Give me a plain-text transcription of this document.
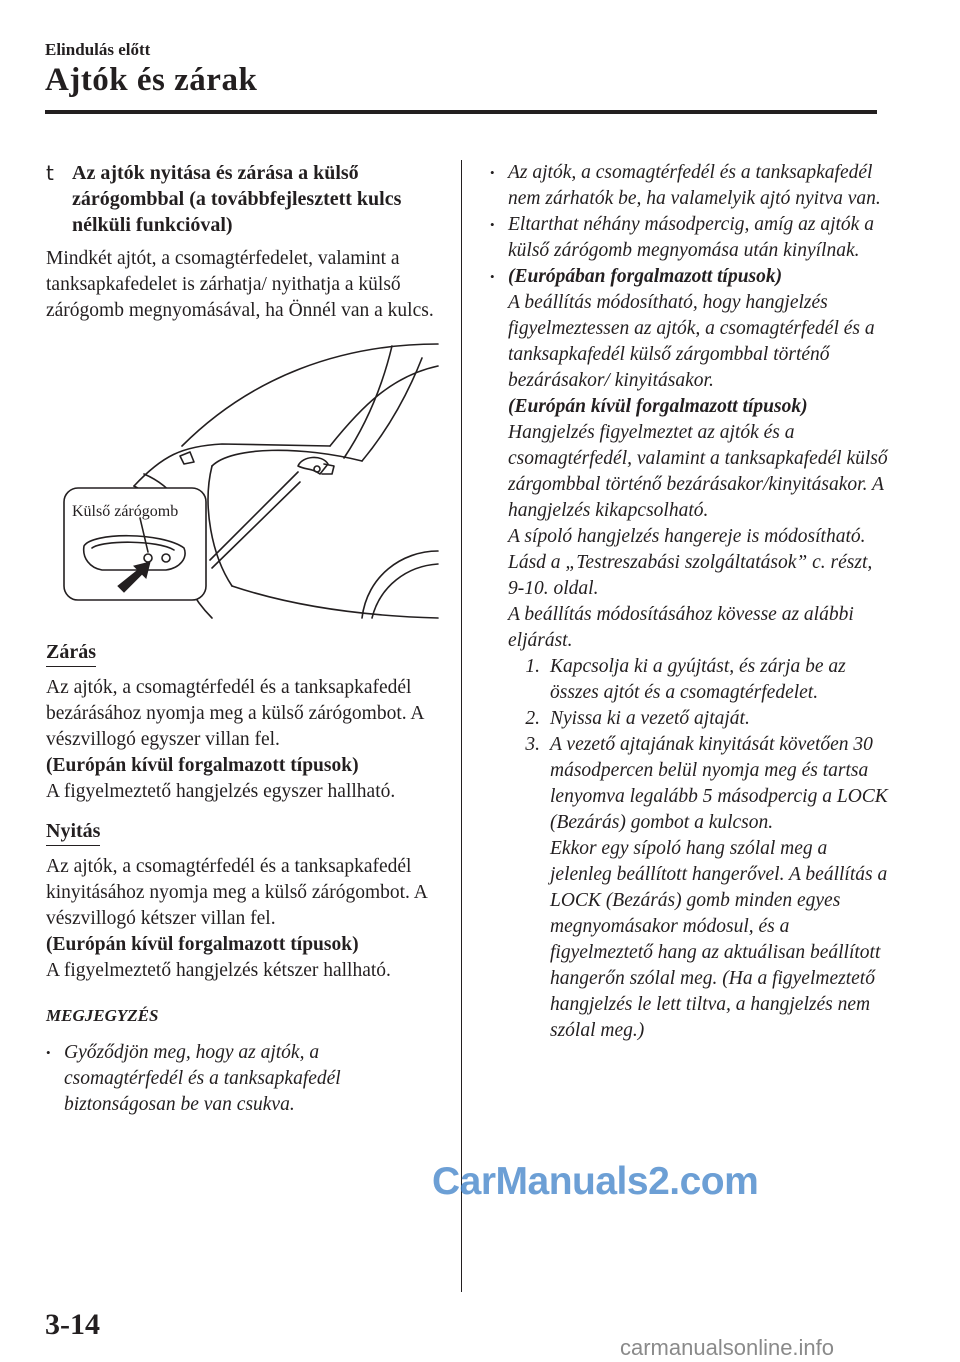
Elindulás előtt
Ajtók és zárak
t Az ajtók nyitása és zárása a külső zárógombbal (a továbbfejlesztett kulcs nélküli funkcióval)

Mindkét ajtót, a csomagtérfedelet, valamint a tanksapkafedelet is zárhatja/ nyithatja a külső zárógomb megnyomásával, ha Önnél van a kulcs.

Külső zárógomb

Zárás

Az ajtók, a csomagtérfedél és a tanksapkafedél bezárásához nyomja meg a külső zárógombot. A vészvillogó egyszer villan fel.

(Európán kívül forgalmazott típusok)

A figyelmeztető hangjelzés egyszer hallható.

Nyitás

Az ajtók, a csomagtérfedél és a tanksapkafedél kinyitásához nyomja meg a külső zárógombot. A vészvillogó kétszer villan fel.

(Európán kívül forgalmazott típusok)

A figyelmeztető hangjelzés kétszer hallható.

MEGJEGYZÉS
• Győződjön meg, hogy az ajtók, a csomagtérfedél és a tanksapkafedél biztonságosan be van csukva.
• Az ajtók, a csomagtérfedél és a tanksapkafedél nem zárhatók be, ha valamelyik ajtó nyitva van.
• Eltarthat néhány másodpercig, amíg az ajtók a külső zárógomb megnyomása után kinyílnak.
• (Európában forgalmazott típusok)
A beállítás módosítható, hogy hangjelzés figyelmeztessen az ajtók, a csomagtérfedél és a tanksapkafedél külső zárgombbal történő bezárásakor/ kinyitásakor.
(Európán kívül forgalmazott típusok)
Hangjelzés figyelmeztet az ajtók és a csomagtérfedél, valamint a tanksapkafedél külső zárgombbal történő bezárásakor/kinyitásakor. A hangjelzés kikapcsolható.
A sípoló hangjelzés hangereje is módosítható. Lásd a „Testreszabási szolgáltatások” c. részt, 9-10. oldal.
A beállítás módosításához kövesse az alábbi eljárást.
1. Kapcsolja ki a gyújtást, és zárja be az összes ajtót és a csomagtérfedelet.
2. Nyissa ki a vezető ajtaját.
3. A vezető ajtajának kinyitását követően 30 másodpercen belül nyomja meg és tartsa lenyomva legalább 5 másodpercig a LOCK (Bezárás) gombot a kulcson.
Ekkor egy sípoló hang szólal meg a jelenleg beállított hangerővel. A beállítás a LOCK (Bezárás) gomb minden egyes megnyomásakor módosul, és a figyelmeztető hang az aktuálisan beállított hangerőn szólal meg. (Ha a figyelmeztető hangjelzés le lett tiltva, a hangjelzés nem szólal meg.)
3-14
CarManuals2.com
carmanualsonline.info
